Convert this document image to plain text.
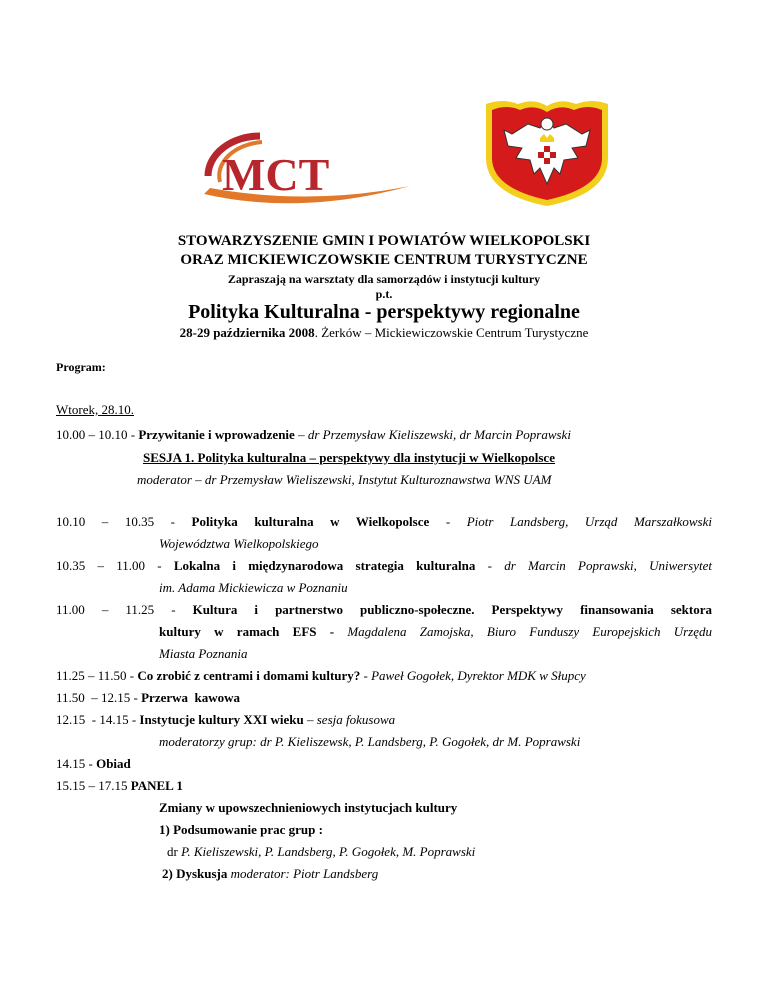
MCT
STOWARZYSZENIE GMIN I POWIATÓW WIELKOPOLSKI
ORAZ MICKIEWICZOWSKIE CENTRUM TURYSTYCZNE
Zapraszają na warsztaty dla samorządów i instytucji kultury
p.t.
Polityka Kulturalna - perspektywy regionalne
28-29 października 2008. Żerków – Mickiewiczowskie Centrum Turystyczne
Program:
Wtorek, 28.10.
10.00 – 10.10 - Przywitanie i wprowadzenie – dr Przemysław Kieliszewski, dr Marcin Poprawski
SESJA 1. Polityka kulturalna – perspektywy dla instytucji w Wielkopolsce
moderator – dr Przemysław Wieliszewski, Instytut Kulturoznawstwa WNS UAM
10.10 – 10.35 - Polityka kulturalna w Wielkopolsce - Piotr Landsberg, Urząd Marszałkowski
Województwa Wielkopolskiego
10.35 – 11.00 - Lokalna i międzynarodowa strategia kulturalna - dr Marcin Poprawski, Uniwersytet
im. Adama Mickiewicza w Poznaniu
11.00 – 11.25 - Kultura i partnerstwo publiczno-społeczne. Perspektywy finansowania sektora
kultury w ramach EFS - Magdalena Zamojska, Biuro Funduszy Europejskich Urzędu
Miasta Poznania
11.25 – 11.50 - Co zrobić z centrami i domami kultury? - Paweł Gogołek, Dyrektor MDK w Słupcy
11.50  – 12.15 - Przerwa  kawowa
12.15  - 14.15 - Instytucje kultury XXI wieku – sesja fokusowa
moderatorzy grup: dr P. Kieliszewsk, P. Landsberg, P. Gogołek, dr M. Poprawski
14.15 - Obiad
15.15 – 17.15 PANEL 1
Zmiany w upowszechnieniowych instytucjach kultury
1) Podsumowanie prac grup :
dr P. Kieliszewski, P. Landsberg, P. Gogołek, M. Poprawski
2) Dyskusja moderator: Piotr Landsberg
